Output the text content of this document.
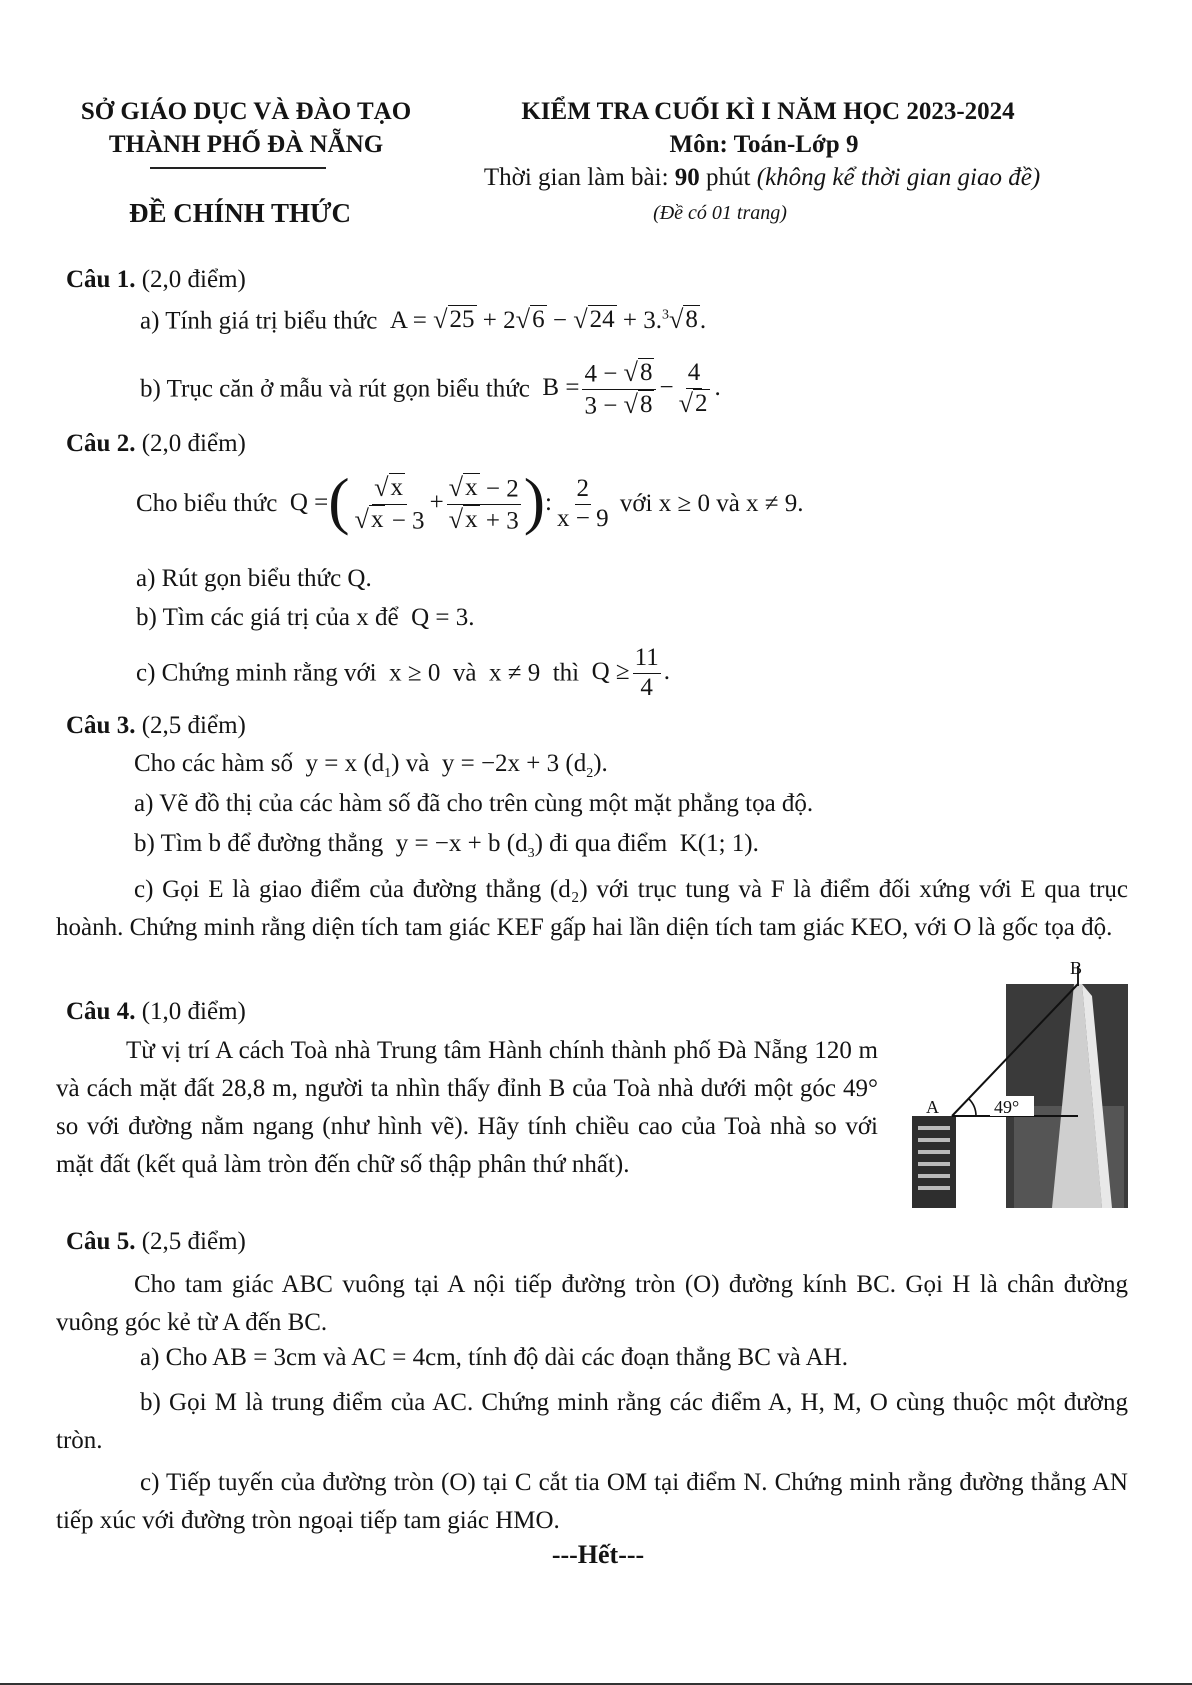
SỞ GIÁO DỤC VÀ ĐÀO TẠO
THÀNH PHỐ ĐÀ NẴNG
ĐỀ CHÍNH THỨC
KIỂM TRA CUỐI KÌ I NĂM HỌC 2023-2024
Môn: Toán-Lớp 9
Thời gian làm bài: 90 phút (không kể thời gian giao đề)
(Đề có 01 trang)
Câu 1. (2,0 điểm)
a) Tính giá trị biểu thức  A = √ 25 + 2 √ 6 − √ 24 + 3.$^3$ √ 8 .
b) Trục căn ở mẫu và rút gọn biểu thức  $B = \frac{4 - √ 8}{3 - √ 8} - \frac{4}{√ 2}$ .
Câu 2. (2,0 điểm)
Cho biểu thức  Q =( $\frac{√ x}{√ x - 3} + \frac{√ x - 2}{√ x + 3}$ ): $\frac{2}{x - 9}$ với x ≥ 0 và x ≠ 9.
a) Rút gọn biểu thức Q.
b) Tìm các giá trị của x để  Q = 3.
c) Chứng minh rằng với  x ≥ 0  và  x ≠ 9  thì  $Q \ge \frac{11}{4}$ .
Câu 3. (2,5 điểm)
Cho các hàm số  y = x $(d_1)$ và  y = −2x + 3 $(d_2)$.
a) Vẽ đồ thị của các hàm số đã cho trên cùng một mặt phẳng tọa độ.
b) Tìm b để đường thẳng  y = −x + b $(d_3)$ đi qua điểm  K(1; 1).
c) Gọi E là giao điểm của đường thẳng (d₂) với trục tung và F là điểm đối xứng với E qua trục hoành. Chứng minh rằng diện tích tam giác KEF gấp hai lần diện tích tam giác KEO, với O là gốc tọa độ.
Câu 4. (1,0 điểm)
Từ vị trí A cách Toà nhà Trung tâm Hành chính thành phố Đà Nẵng 120 m và cách mặt đất 28,8 m, người ta nhìn thấy đỉnh B của Toà nhà dưới một góc 49° so với đường nằm ngang (như hình vẽ). Hãy tính chiều cao của Toà nhà so với mặt đất (kết quả làm tròn đến chữ số thập phân thứ nhất).
49°
A
B
Câu 5. (2,5 điểm)
Cho tam giác ABC vuông tại A nội tiếp đường tròn (O) đường kính BC. Gọi H là chân đường vuông góc kẻ từ A đến BC.
a) Cho AB = 3cm và AC = 4cm, tính độ dài các đoạn thẳng BC và AH.
b) Gọi M là trung điểm của AC. Chứng minh rằng các điểm A, H, M, O cùng thuộc một đường tròn.
c) Tiếp tuyến của đường tròn (O) tại C cắt tia OM tại điểm N. Chứng minh rằng đường thẳng AN tiếp xúc với đường tròn ngoại tiếp tam giác HMO.
---Hết---
